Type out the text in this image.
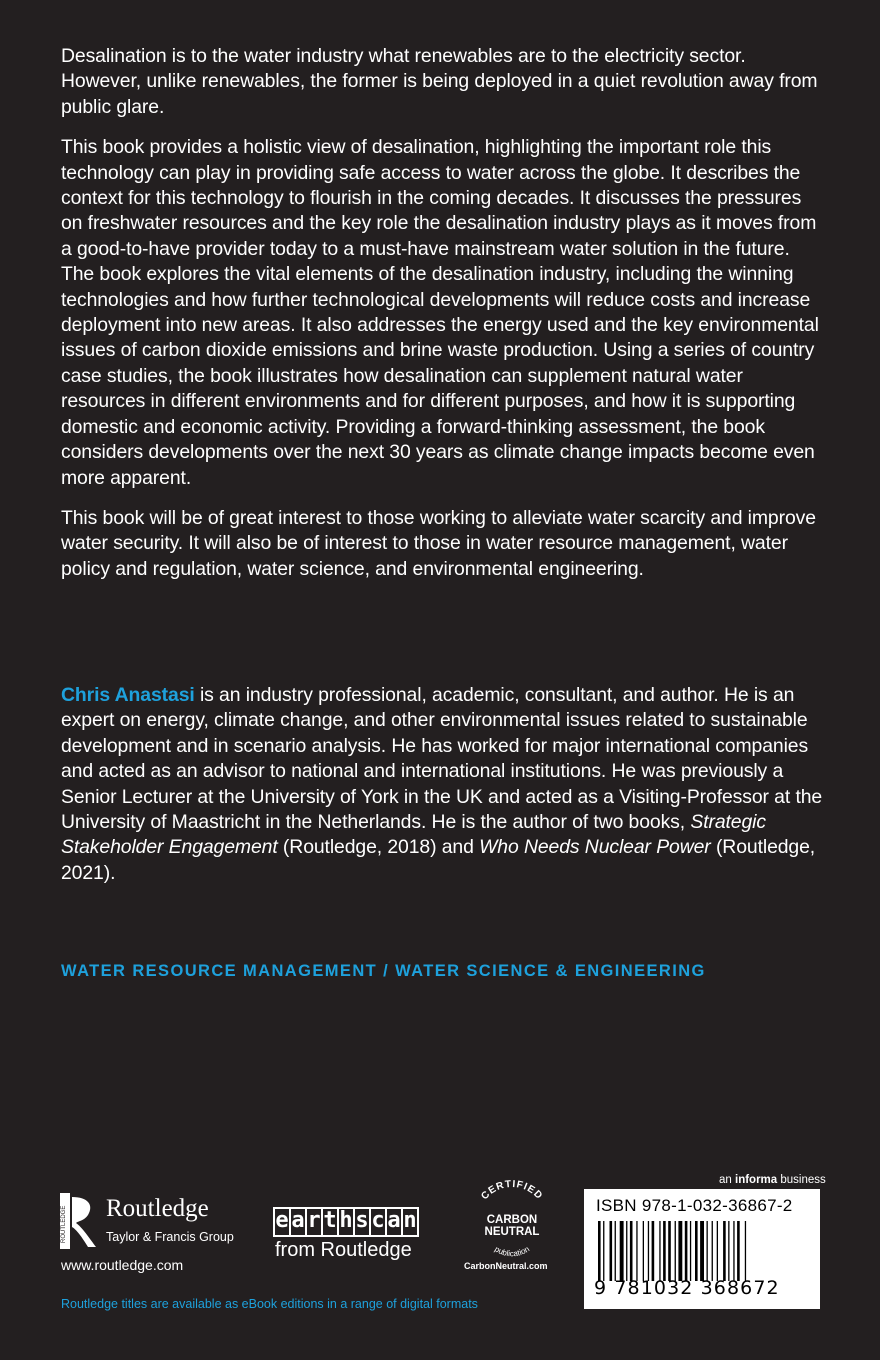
Desalination is to the water industry what renewables are to the electricity sector. However, unlike renewables, the former is being deployed in a quiet revolution away from public glare.

This book provides a holistic view of desalination, highlighting the important role this technology can play in providing safe access to water across the globe. It describes the context for this technology to flourish in the coming decades. It discusses the pressures on freshwater resources and the key role the desalination industry plays as it moves from a good-to-have provider today to a must-have mainstream water solution in the future. The book explores the vital elements of the desalination industry, including the winning technologies and how further technological developments will reduce costs and increase deployment into new areas. It also addresses the energy used and the key environmental issues of carbon dioxide emissions and brine waste production. Using a series of country case studies, the book illustrates how desalination can supplement natural water resources in different environments and for different purposes, and how it is supporting domestic and economic activity. Providing a forward-thinking assessment, the book considers developments over the next 30 years as climate change impacts become even more apparent.

This book will be of great interest to those working to alleviate water scarcity and improve water security. It will also be of interest to those in water resource management, water policy and regulation, water science, and environmental engineering.

Chris Anastasi is an industry professional, academic, consultant, and author. He is an expert on energy, climate change, and other environmental issues related to sustainable development and in scenario analysis. He has worked for major international companies and acted as an advisor to national and international institutions. He was previously a Senior Lecturer at the University of York in the UK and acted as a Visiting-Professor at the University of Maastricht in the Netherlands. He is the author of two books, Strategic Stakeholder Engagement (Routledge, 2018) and Who Needs Nuclear Power (Routledge, 2021).

WATER RESOURCE MANAGEMENT / WATER SCIENCE & ENGINEERING
ROUTLEDGE Routledge
Taylor & Francis Group
www.routledge.com
e a r t h s c a n
from Routledge
CERTIFIED
CARBON
NEUTRAL
publication
CarbonNeutral.com
an informa business
ISBN 978-1-032-36867-2
9 781032 368672
Routledge titles are available as eBook editions in a range of digital formats
